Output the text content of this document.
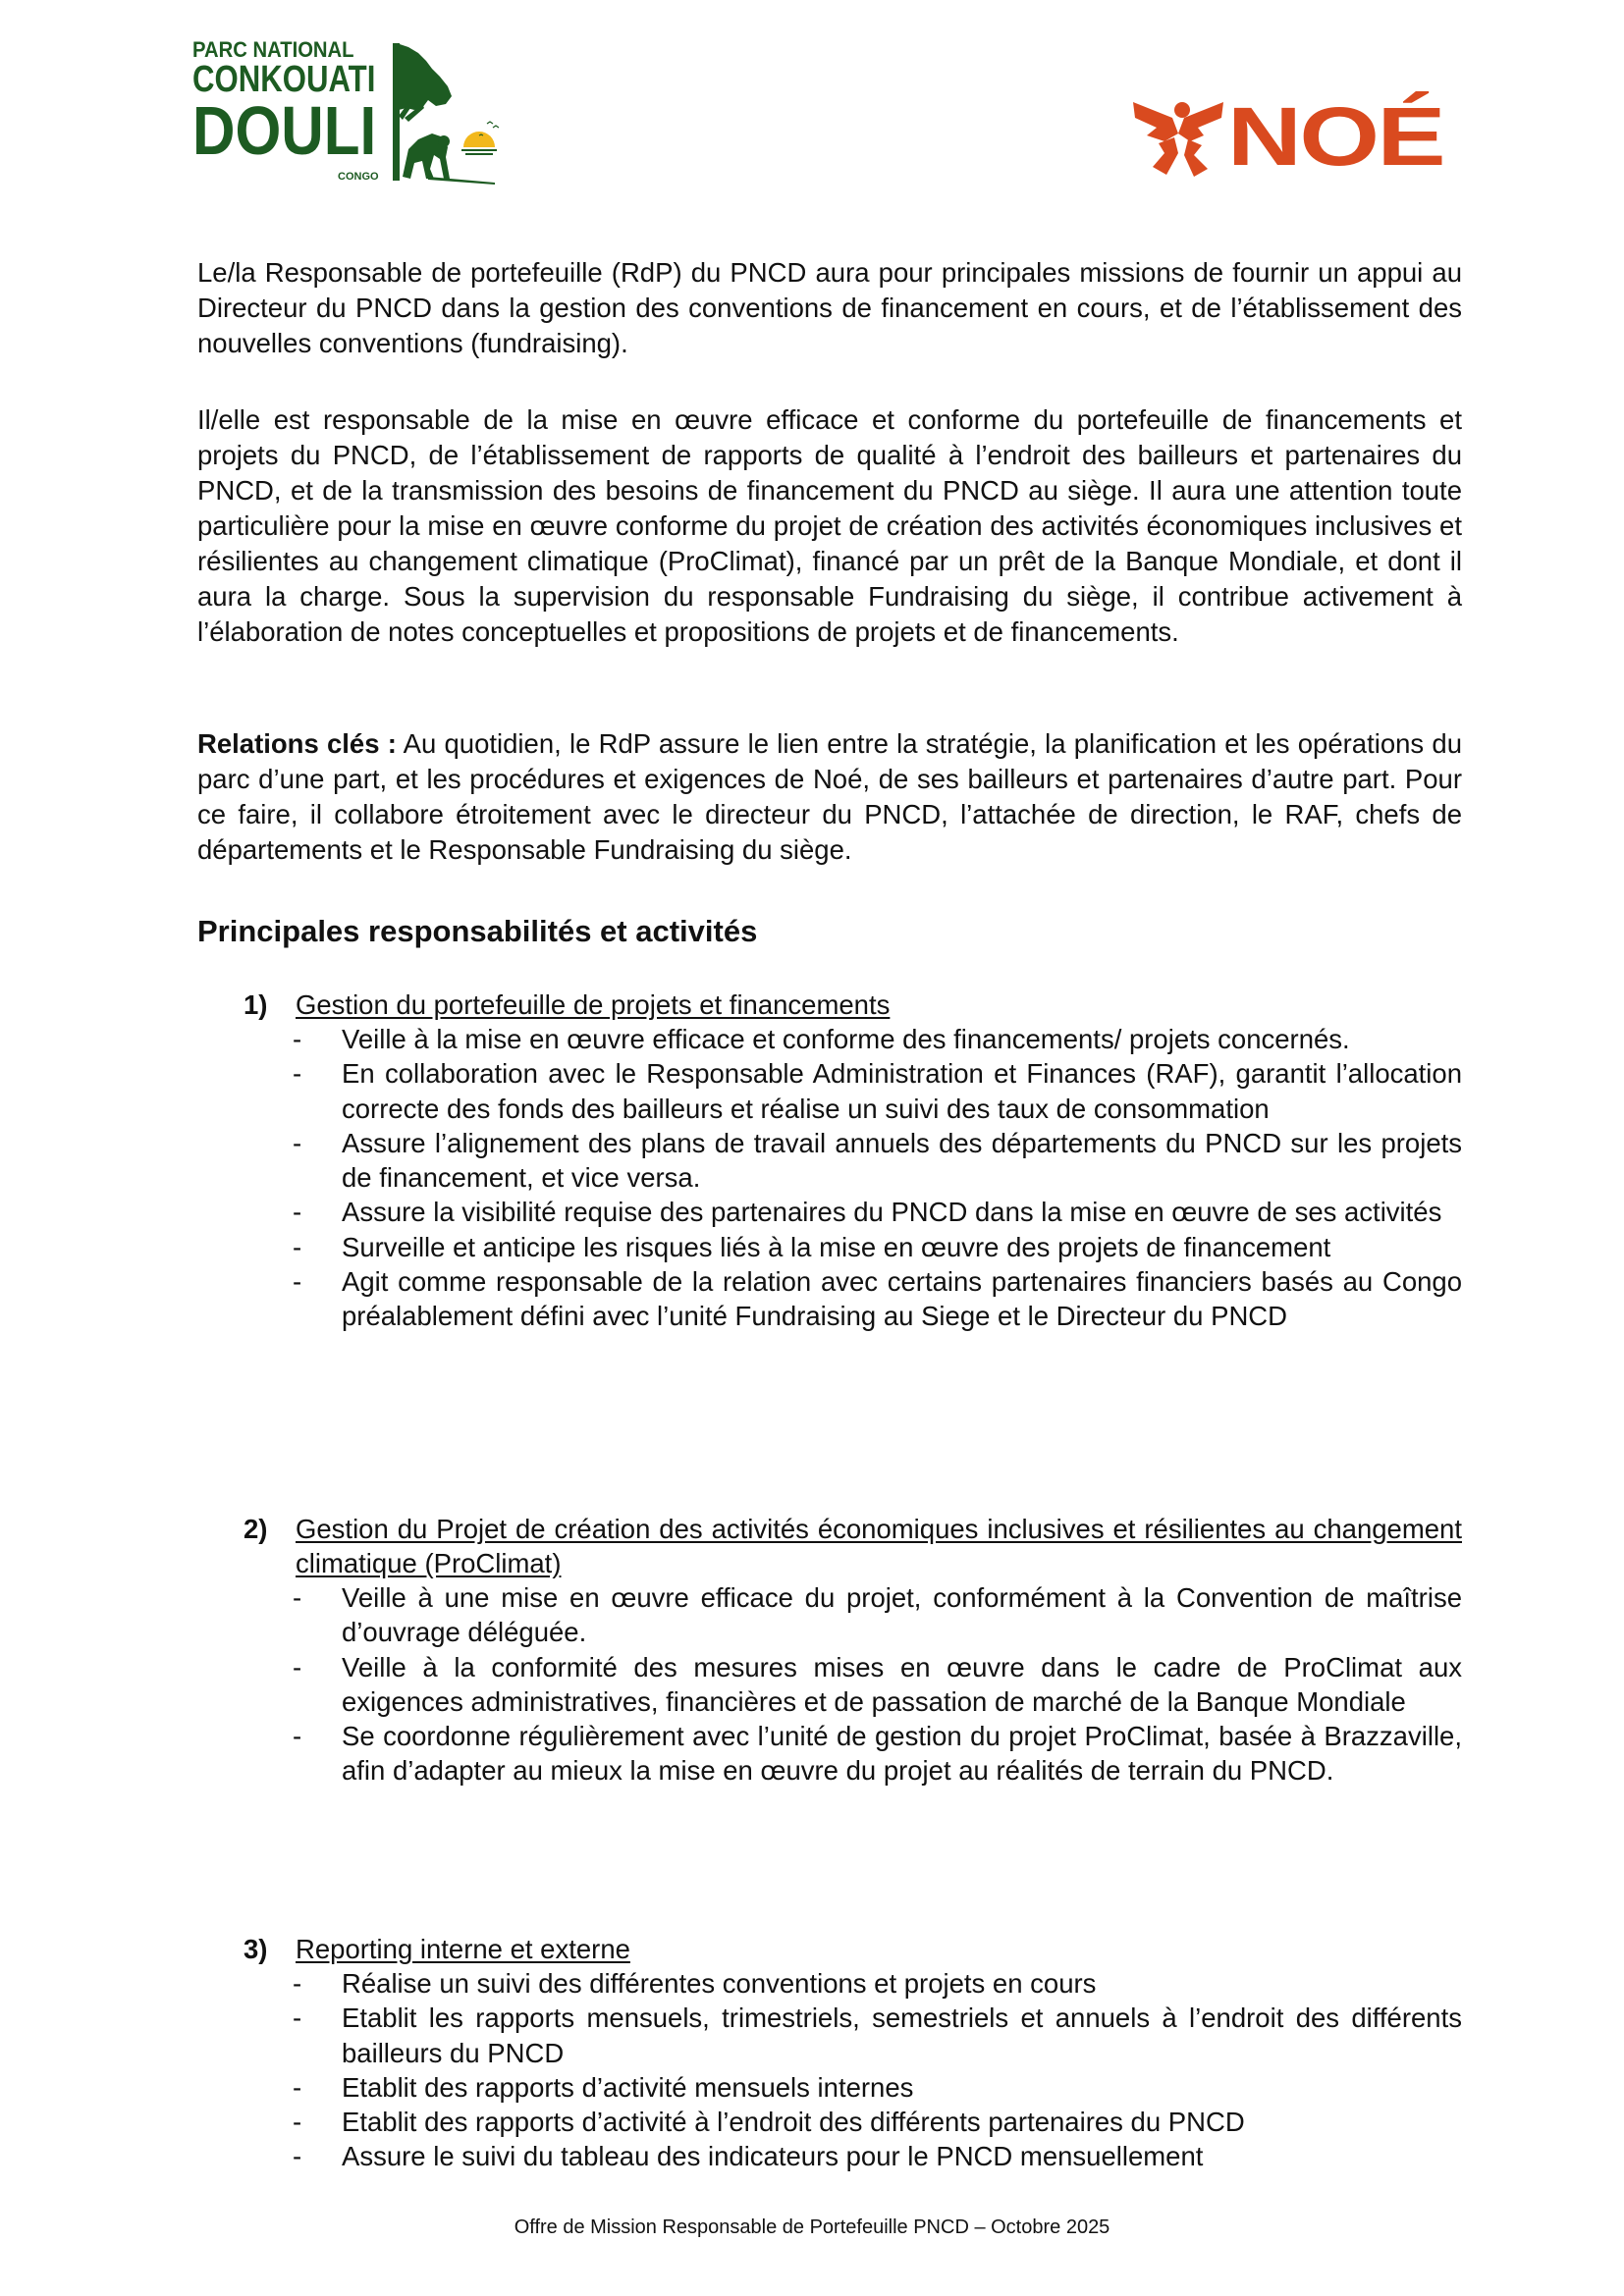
PARC NATIONAL
CONKOUATI
DOULI
CONGO	NOÉ

Le/la Responsable de portefeuille (RdP) du PNCD aura pour principales missions de fournir un appui au Directeur du PNCD dans la gestion des conventions de financement en cours, et de l’établissement des nouvelles conventions (fundraising).

Il/elle est responsable de la mise en œuvre efficace et conforme du portefeuille de financements et projets du PNCD, de l’établissement de rapports de qualité à l’endroit des bailleurs et partenaires du PNCD, et de la transmission des besoins de financement du PNCD au siège. Il aura une attention toute particulière pour la mise en œuvre conforme du projet de création des activités économiques inclusives et résilientes au changement climatique (ProClimat), financé par un prêt de la Banque Mondiale, et dont il aura la charge. Sous la supervision du responsable Fundraising du siège, il contribue activement à l’élaboration de notes conceptuelles et propositions de projets et de financements.

Relations clés : Au quotidien, le RdP assure le lien entre la stratégie, la planification et les opérations du parc d’une part, et les procédures et exigences de Noé, de ses bailleurs et partenaires d’autre part. Pour ce faire, il collabore étroitement avec le directeur du PNCD, l’attachée de direction, le RAF, chefs de départements et le Responsable Fundraising du siège.

Principales responsabilités et activités
1) Gestion du portefeuille de projets et financements
- Veille à la mise en œuvre efficace et conforme des financements/ projets concernés.
- En collaboration avec le Responsable Administration et Finances (RAF), garantit l’allocation correcte des fonds des bailleurs et réalise un suivi des taux de consommation
- Assure l’alignement des plans de travail annuels des départements du PNCD sur les projets de financement, et vice versa.
- Assure la visibilité requise des partenaires du PNCD dans la mise en œuvre de ses activités
- Surveille et anticipe les risques liés à la mise en œuvre des projets de financement
- Agit comme responsable de la relation avec certains partenaires financiers basés au Congo préalablement défini avec l’unité Fundraising au Siege et le Directeur du PNCD
2) Gestion du Projet de création des activités économiques inclusives et résilientes au changement climatique (ProClimat)
- Veille à une mise en œuvre efficace du projet, conformément à la Convention de maîtrise d’ouvrage déléguée.
- Veille à la conformité des mesures mises en œuvre dans le cadre de ProClimat aux exigences administratives, financières et de passation de marché de la Banque Mondiale
- Se coordonne régulièrement avec l’unité de gestion du projet ProClimat, basée à Brazzaville, afin d’adapter au mieux la mise en œuvre du projet au réalités de terrain du PNCD.
3) Reporting interne et externe
- Réalise un suivi des différentes conventions et projets en cours
- Etablit les rapports mensuels, trimestriels, semestriels et annuels à l’endroit des différents bailleurs du PNCD
- Etablit des rapports d’activité mensuels internes
- Etablit des rapports d’activité à l’endroit des différents partenaires du PNCD
- Assure le suivi du tableau des indicateurs pour le PNCD mensuellement
Offre de Mission Responsable de Portefeuille PNCD – Octobre 2025
